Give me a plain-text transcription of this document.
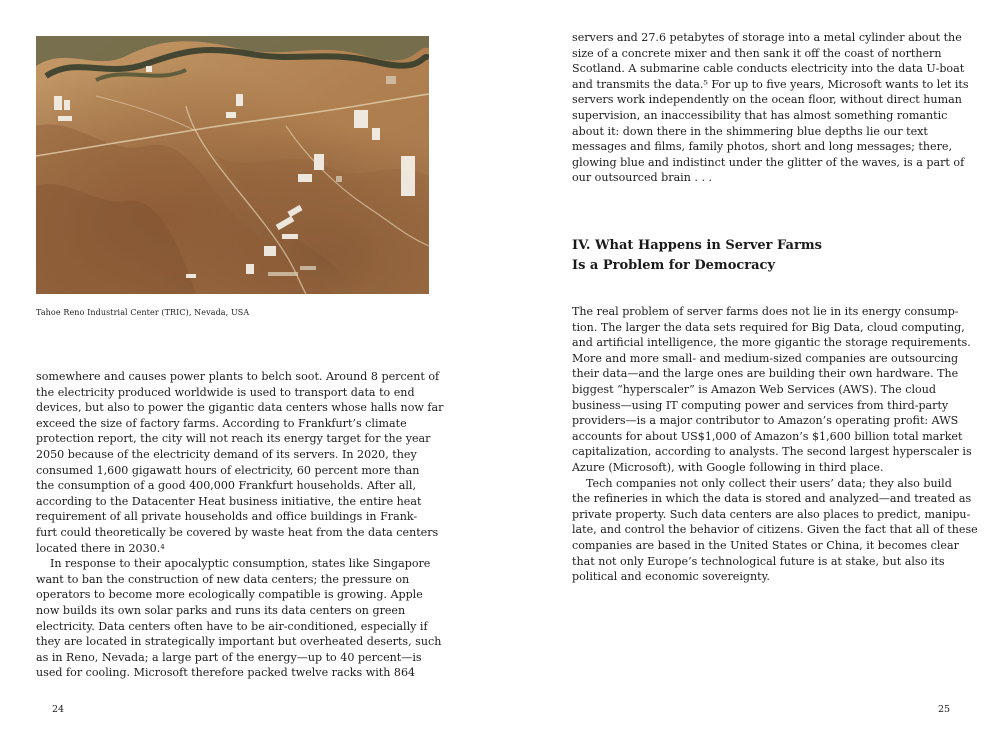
Tahoe Reno Industrial Center (TRIC), Nevada, USA

somewhere and causes power plants to belch soot. Around 8 percent of

the electricity produced worldwide is used to transport data to end

devices, but also to power the gigantic data centers whose halls now far

exceed the size of factory farms. According to Frankfurt’s climate

protection report, the city will not reach its energy target for the year

2050 because of the electricity demand of its servers. In 2020, they

consumed 1,600 gigawatt hours of electricity, 60 percent more than

the consumption of a good 400,000 Frankfurt households. After all,

according to the Datacenter Heat business initiative, the entire heat

requirement of all private households and office buildings in Frank-

furt could theoretically be covered by waste heat from the data centers

located there in 2030.⁴

In response to their apocalyptic consumption, states like Singapore

want to ban the construction of new data centers; the pressure on

operators to become more ecologically compatible is growing. Apple

now builds its own solar parks and runs its data centers on green

electricity. Data centers often have to be air-conditioned, especially if

they are located in strategically important but overheated deserts, such

as in Reno, Nevada; a large part of the energy—up to 40 percent—is

used for cooling. Microsoft therefore packed twelve racks with 864

24

servers and 27.6 petabytes of storage into a metal cylinder about the

size of a concrete mixer and then sank it off the coast of northern

Scotland. A submarine cable conducts electricity into the data U-boat

and transmits the data.⁵ For up to five years, Microsoft wants to let its

servers work independently on the ocean floor, without direct human

supervision, an inaccessibility that has almost something romantic

about it: down there in the shimmering blue depths lie our text

messages and films, family photos, short and long messages; there,

glowing blue and indistinct under the glitter of the waves, is a part of

our outsourced brain . . .

IV. What Happens in Server Farms
Is a Problem for Democracy

The real problem of server farms does not lie in its energy consump-

tion. The larger the data sets required for Big Data, cloud computing,

and artificial intelligence, the more gigantic the storage requirements.

More and more small- and medium-sized companies are outsourcing

their data—and the large ones are building their own hardware. The

biggest “hyperscaler” is Amazon Web Services (AWS). The cloud

business—using IT computing power and services from third-party

providers—is a major contributor to Amazon’s operating profit: AWS

accounts for about US$1,000 of Amazon’s $1,600 billion total market

capitalization, according to analysts. The second largest hyperscaler is

Azure (Microsoft), with Google following in third place.

Tech companies not only collect their users’ data; they also build

the refineries in which the data is stored and analyzed—and treated as

private property. Such data centers are also places to predict, manipu-

late, and control the behavior of citizens. Given the fact that all of these

companies are based in the United States or China, it becomes clear

that not only Europe’s technological future is at stake, but also its

political and economic sovereignty.

25
